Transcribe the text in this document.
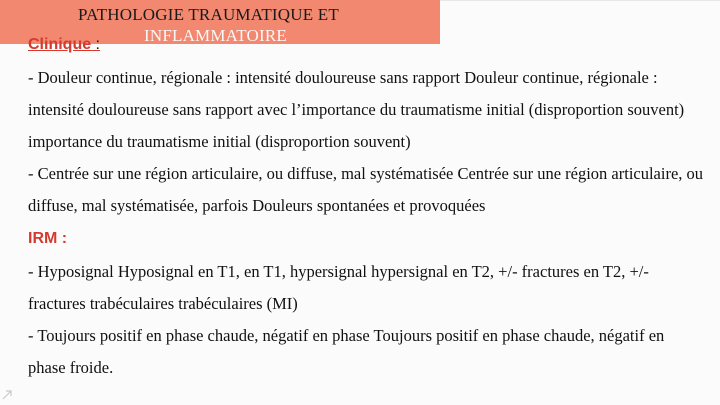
PATHOLOGIE TRAUMATIQUE ET
INFLAMMATOIRE
Clinique :

- Douleur continue, régionale : intensité douloureuse sans rapport Douleur continue, régionale : intensité douloureuse sans rapport avec l’importance du traumatisme initial (disproportion souvent) importance du traumatisme initial (disproportion souvent)

- Centrée sur une région articulaire, ou diffuse, mal systématisée Centrée sur une région articulaire, ou diffuse, mal systématisée, parfois Douleurs spontanées et provoquées

IRM :

- Hyposignal Hyposignal en T1, en T1, hypersignal hypersignal en T2, +/- fractures en T2, +/- fractures trabéculaires trabéculaires (MI)

- Toujours positif en phase chaude, négatif en phase Toujours positif en phase chaude, négatif en phase froide.
